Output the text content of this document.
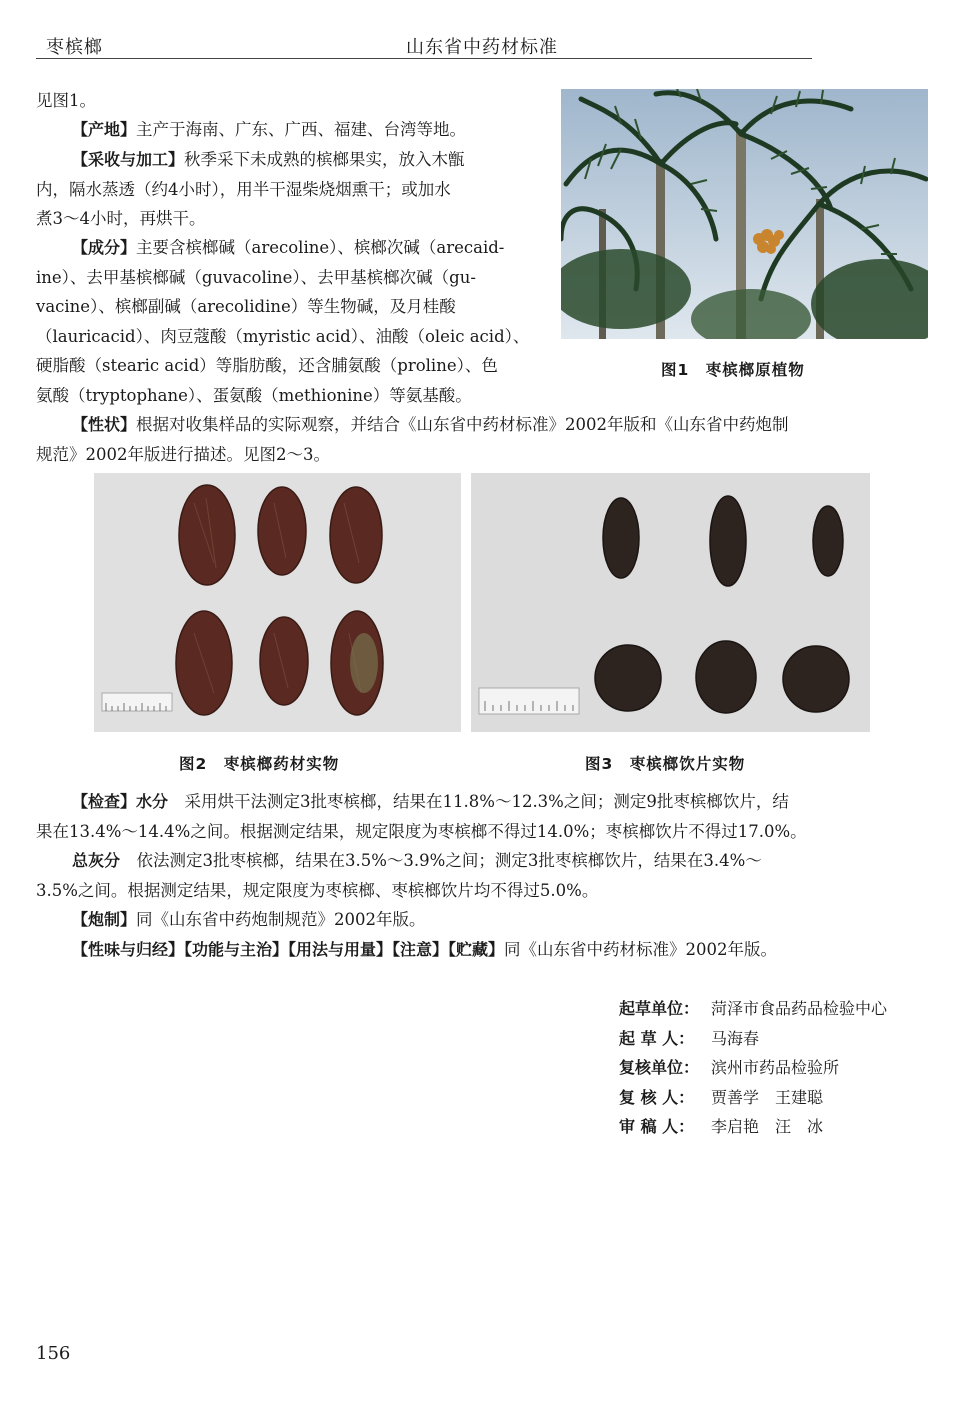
枣槟榔	山东省中药材标准

见图1。

【产地】主产于海南、广东、广西、福建、台湾等地。

【采收与加工】秋季采下未成熟的槟榔果实，放入木甑
内，隔水蒸透（约4小时），用半干湿柴烧烟熏干；或加水
煮3～4小时，再烘干。

【成分】主要含槟榔碱（arecoline）、槟榔次碱（arecaid-
ine）、去甲基槟榔碱（guvacoline）、去甲基槟榔次碱（gu-
vacine）、槟榔副碱（arecolidine）等生物碱，及月桂酸
（lauricacid）、肉豆蔻酸（myristic acid）、油酸（oleic acid）、
硬脂酸（stearic acid）等脂肪酸，还含脯氨酸（proline）、色
氨酸（tryptophane）、蛋氨酸（methionine）等氨基酸。

图1　枣槟榔原植物

【性状】根据对收集样品的实际观察，并结合《山东省中药材标准》2002年版和《山东省中药炮制
规范》2002年版进行描述。见图2～3。

图2　枣槟榔药材实物	图3　枣槟榔饮片实物

【检查】水分　 采用烘干法测定3批枣槟榔，结果在11.8%～12.3%之间；测定9批枣槟榔饮片，结
果在13.4%～14.4%之间。根据测定结果，规定限度为枣槟榔不得过14.0%；枣槟榔饮片不得过17.0%。

总灰分　 依法测定3批枣槟榔，结果在3.5%～3.9%之间；测定3批枣槟榔饮片，结果在3.4%～
3.5%之间。根据测定结果，规定限度为枣槟榔、枣槟榔饮片均不得过5.0%。

【炮制】同《山东省中药炮制规范》2002年版。

【性味与归经】【功能与主治】【用法与用量】【注意】【贮藏】同《山东省中药材标准》2002年版。

起草单位： 菏泽市食品药品检验中心
起 草 人： 马海春
复核单位： 滨州市药品检验所
复 核 人： 贾善学　王建聪
审 稿 人： 李启艳　汪　冰
156
